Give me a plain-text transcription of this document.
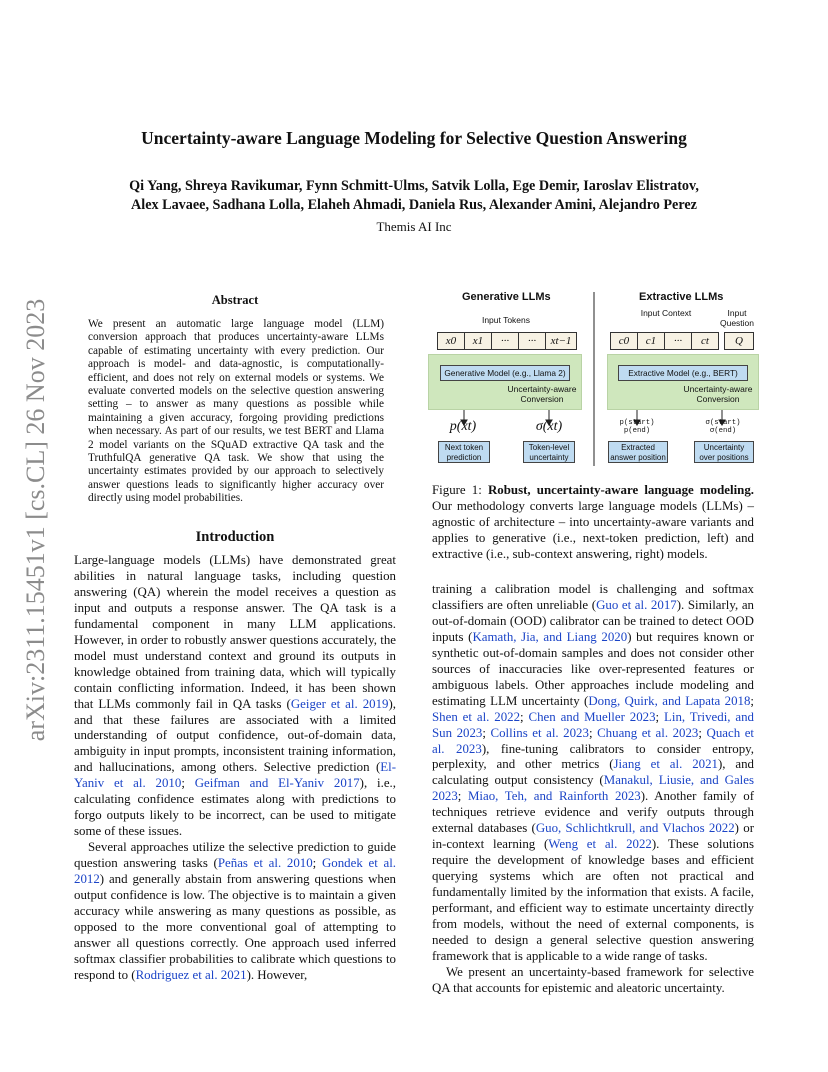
Uncertainty-aware Language Modeling for Selective Question Answering
Qi Yang, Shreya Ravikumar, Fynn Schmitt-Ulms, Satvik Lolla, Ege Demir, Iaroslav Elistratov,
Alex Lavaee, Sadhana Lolla, Elaheh Ahmadi, Daniela Rus, Alexander Amini, Alejandro Perez
Themis AI Inc
arXiv:2311.15451v1 [cs.CL] 26 Nov 2023	Abstract
We present an automatic large language model (LLM) conversion approach that produces uncertainty-aware LLMs capable of estimating uncertainty with every prediction. Our approach is model- and data-agnostic, is computationally-efficient, and does not rely on external models or systems. We evaluate converted models on the selective question answering setting – to answer as many questions as possible while maintaining a given accuracy, forgoing providing predictions when necessary. As part of our results, we test BERT and Llama 2 model variants on the SQuAD extractive QA task and the TruthfulQA generative QA task. We show that using the uncertainty estimates provided by our approach to selectively answer questions leads to significantly higher accuracy over directly using model probabilities.
Introduction

Large-language models (LLMs) have demonstrated great abilities in natural language tasks, including question answering (QA) wherein the model receives a question as input and outputs a response answer. The QA task is a fundamental component in many LLM applications. However, in order to robustly answer questions accurately, the model must understand context and ground its outputs in knowledge obtained from training data, which will typically contain conflicting information. Indeed, it has been shown that LLMs commonly fail in QA tasks (Geiger et al. 2019), and that these failures are associated with a limited understanding of output confidence, out-of-domain data, ambiguity in input prompts, inconsistent training information, and hallucinations, among others. Selective prediction (El-Yaniv et al. 2010; Geifman and El-Yaniv 2017), i.e., calculating confidence estimates along with predictions to forgo outputs likely to be incorrect, can be used to mitigate some of these issues.

Several approaches utilize the selective prediction to guide question answering tasks (Peñas et al. 2010; Gondek et al. 2012) and generally abstain from answering questions when output confidence is low. The objective is to maintain a given accuracy while answering as many questions as possible, as opposed to the more conventional goal of attempting to answer all questions correctly. One approach used inferred softmax classifier probabilities to calibrate which questions to respond to (Rodriguez et al. 2021). However,

Generative LLMs	Extractive LLMs
Input Tokens
Input Context	Input Question
x0	x1	···	···	xt−1	c0	c1	···	ct	Q
Generative Model (e.g., Llama 2)	Extractive Model (e.g., BERT)
Uncertainty-aware Conversion
Uncertainty-aware Conversion
p(xt)	σ(xt)	p(start)
p(end)
σ(start)
σ(end)
Next token prediction
Token-level uncertainty
Extracted answer position
Uncertainty over positions
Figure 1: Robust, uncertainty-aware language modeling. Our methodology converts large language models (LLMs) – agnostic of architecture – into uncertainty-aware variants and applies to generative (i.e., next-token prediction, left) and extractive (i.e., sub-context answering, right) models.

training a calibration model is challenging and softmax classifiers are often unreliable (Guo et al. 2017). Similarly, an out-of-domain (OOD) calibrator can be trained to detect OOD inputs (Kamath, Jia, and Liang 2020) but requires known or synthetic out-of-domain samples and does not consider other sources of inaccuracies like over-represented features or ambiguous labels. Other approaches include modeling and estimating LLM uncertainty (Dong, Quirk, and Lapata 2018; Shen et al. 2022; Chen and Mueller 2023; Lin, Trivedi, and Sun 2023; Collins et al. 2023; Chuang et al. 2023; Quach et al. 2023), fine-tuning calibrators to consider entropy, perplexity, and other metrics (Jiang et al. 2021), and calculating output consistency (Manakul, Liusie, and Gales 2023; Miao, Teh, and Rainforth 2023). Another family of techniques retrieve evidence and verify outputs through external databases (Guo, Schlichtkrull, and Vlachos 2022) or in-context learning (Weng et al. 2022). These solutions require the development of knowledge bases and efficient querying systems which are often not practical and fundamentally limited by the information that exists. A facile, performant, and efficient way to estimate uncertainty directly from models, without the need of external components, is needed to design a general selective question answering framework that is applicable to a wide range of tasks.

We present an uncertainty-based framework for selective QA that accounts for epistemic and aleatoric uncertainty.
